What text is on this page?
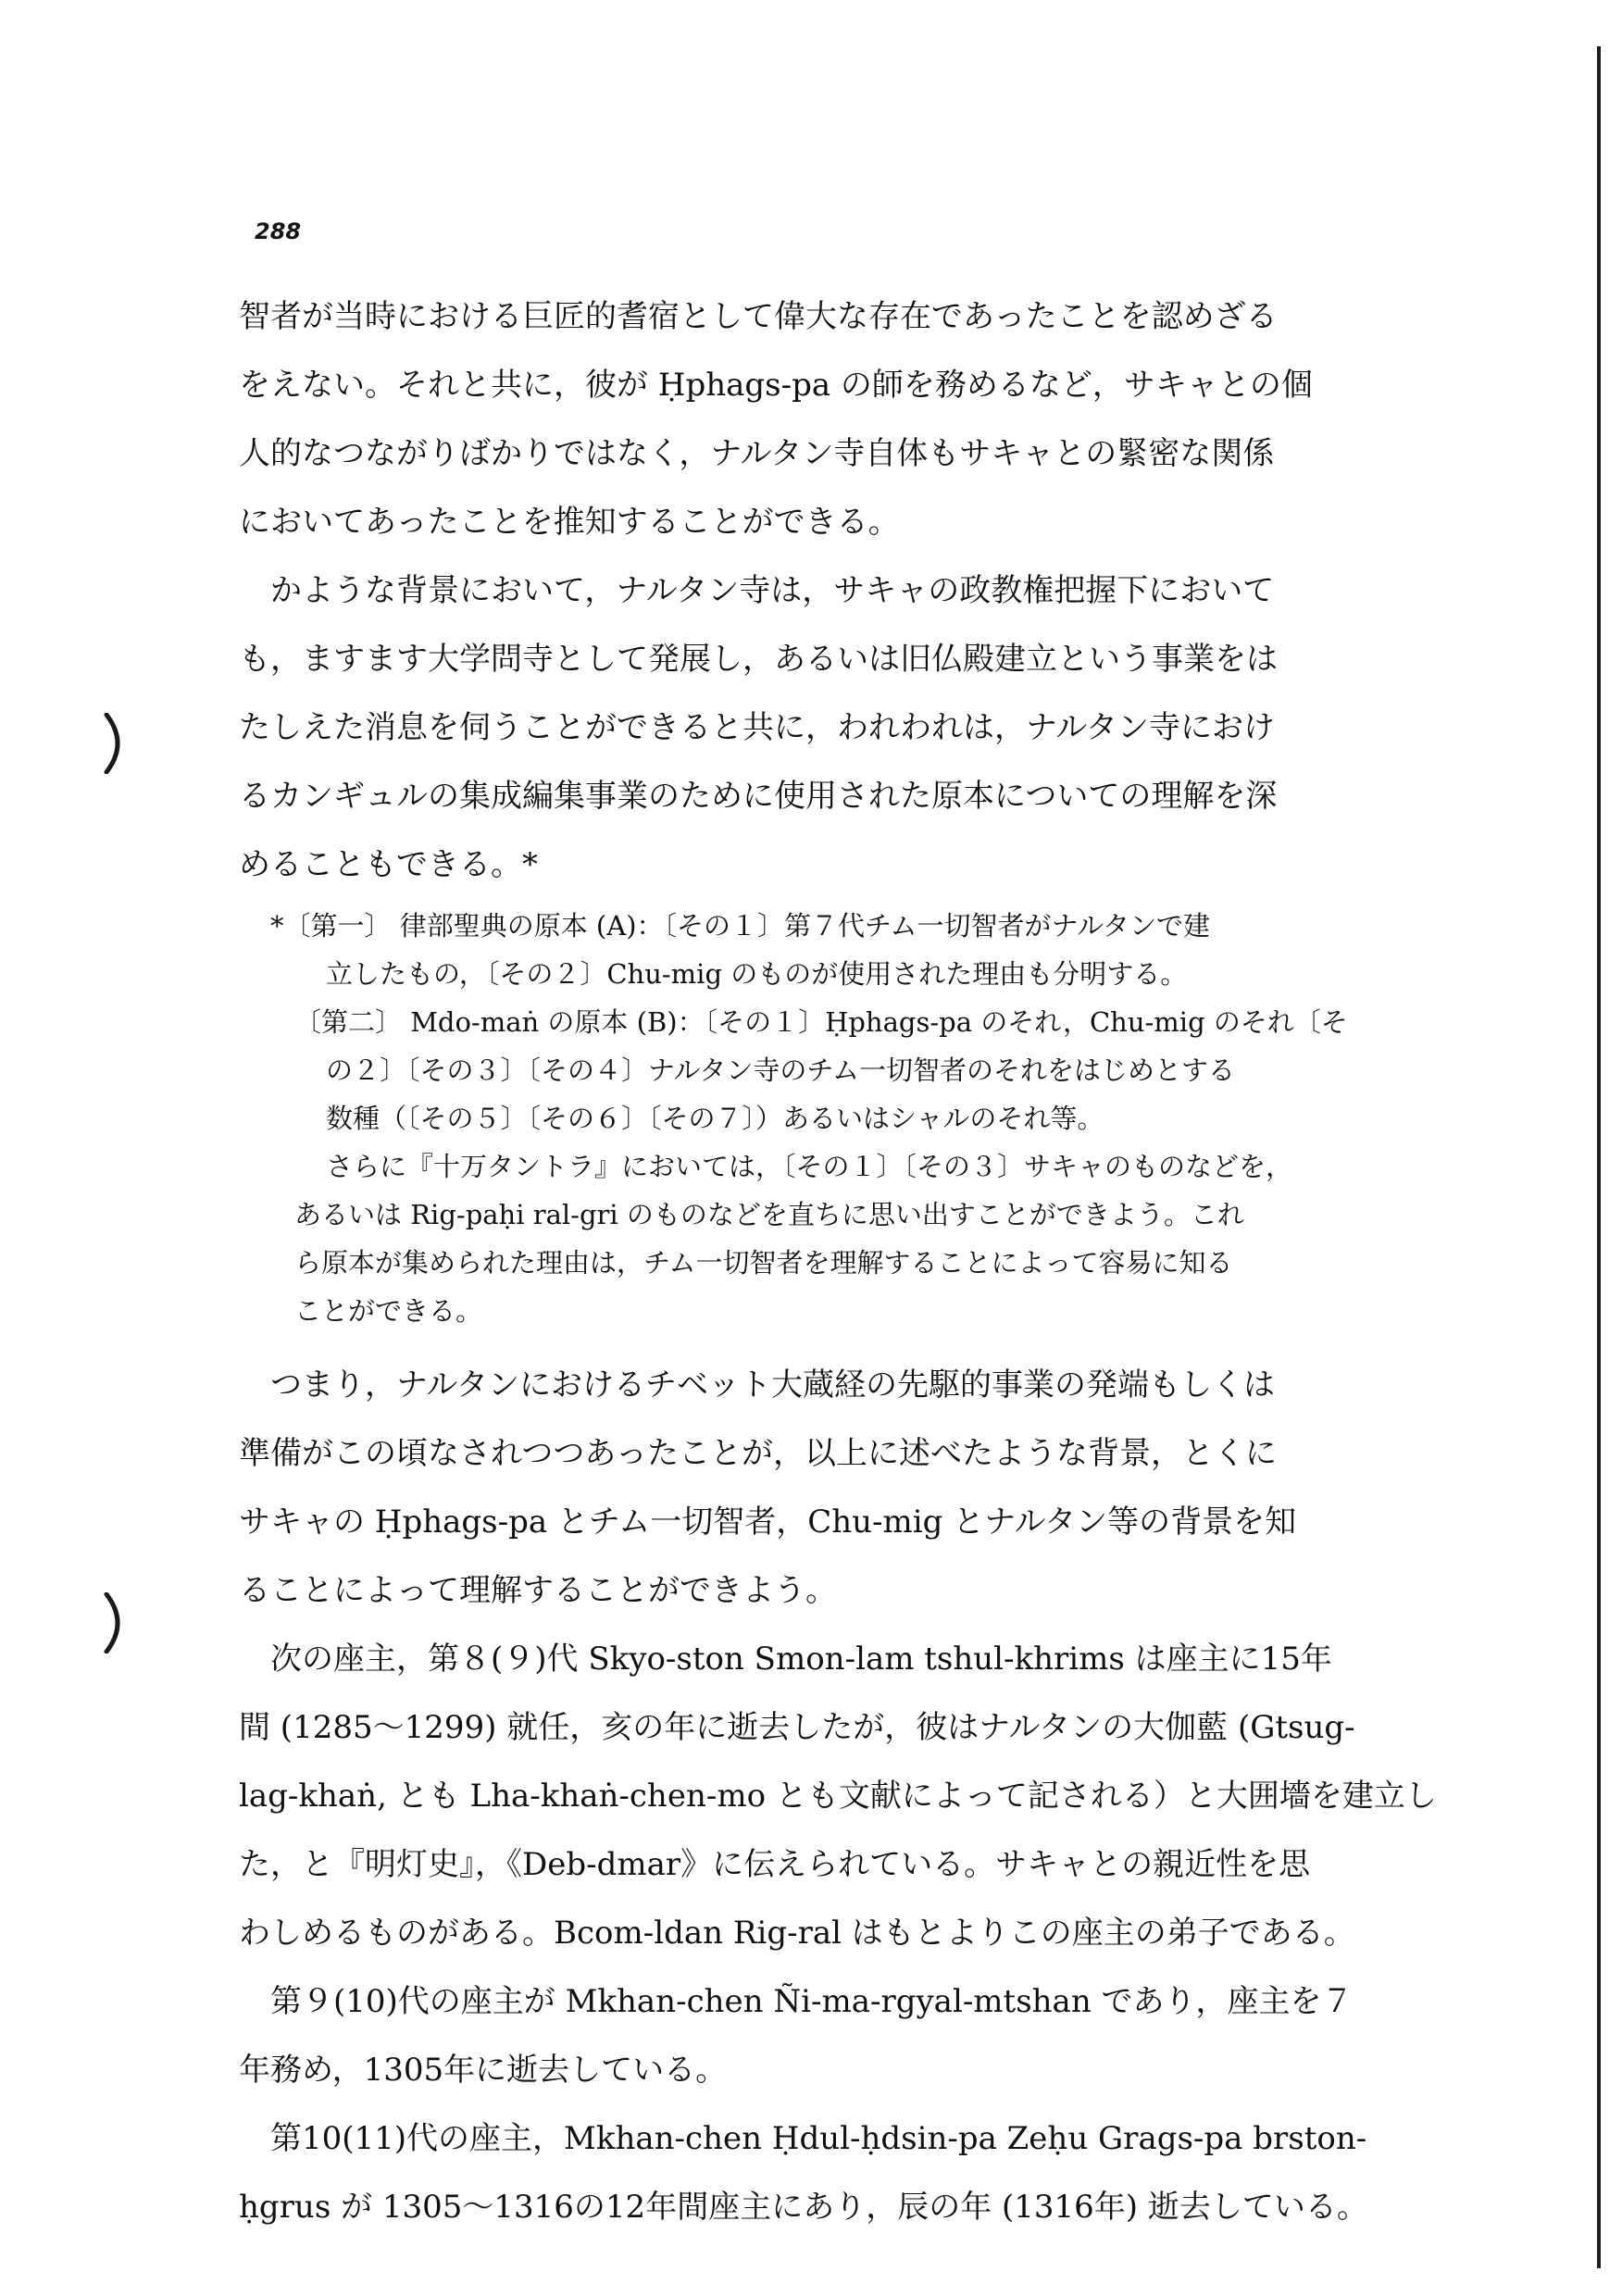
288
智者が当時における巨匠的耆宿として偉大な存在であったことを認めざる
をえない。それと共に，彼が Ḥphags-pa の師を務めるなど，サキャとの個
人的なつながりばかりではなく，ナルタン寺自体もサキャとの緊密な関係
においてあったことを推知することができる。
かような背景において，ナルタン寺は，サキャの政教権把握下において
も，ますます大学問寺として発展し，あるいは旧仏殿建立という事業をは
たしえた消息を伺うことができると共に，われわれは，ナルタン寺におけ
るカンギュルの集成編集事業のために使用された原本についての理解を深
めることもできる。*
*〔第一〕 律部聖典の原本 (A)：〔その１〕第７代チム一切智者がナルタンで建
立したもの，〔その２〕Chu-mig のものが使用された理由も分明する。
〔第二〕 Mdo-maṅ の原本 (B)：〔その１〕Ḥphags-pa のそれ，Chu-mig のそれ〔そ
の２〕〔その３〕〔その４〕ナルタン寺のチム一切智者のそれをはじめとする
数種（〔その５〕〔その６〕〔その７〕）あるいはシャルのそれ等。
さらに『十万タントラ』においては，〔その１〕〔その３〕サキャのものなどを，
あるいは Rig-paḥi ral-gri のものなどを直ちに思い出すことができよう。これ
ら原本が集められた理由は，チム一切智者を理解することによって容易に知る
ことができる。
つまり，ナルタンにおけるチベット大蔵経の先駆的事業の発端もしくは
準備がこの頃なされつつあったことが，以上に述べたような背景，とくに
サキャの Ḥphags-pa とチム一切智者，Chu-mig とナルタン等の背景を知
ることによって理解することができよう。
次の座主，第８(９)代 Skyo-ston Smon-lam tshul-khrims は座主に15年
間 (1285〜1299) 就任，亥の年に逝去したが，彼はナルタンの大伽藍 (Gtsug-
lag-khaṅ, とも Lha-khaṅ-chen-mo とも文献によって記される）と大囲墻を建立し
た，と『明灯史』，《Deb-dmar》に伝えられている。サキャとの親近性を思
わしめるものがある。Bcom-ldan Rig-ral はもとよりこの座主の弟子である。
第９(10)代の座主が Mkhan-chen Ñi-ma-rgyal-mtshan であり，座主を７
年務め，1305年に逝去している。
第10(11)代の座主，Mkhan-chen Ḥdul-ḥdsin-pa Zeḥu Grags-pa brston-
ḥgrus が 1305〜1316の12年間座主にあり，辰の年 (1316年) 逝去している。
